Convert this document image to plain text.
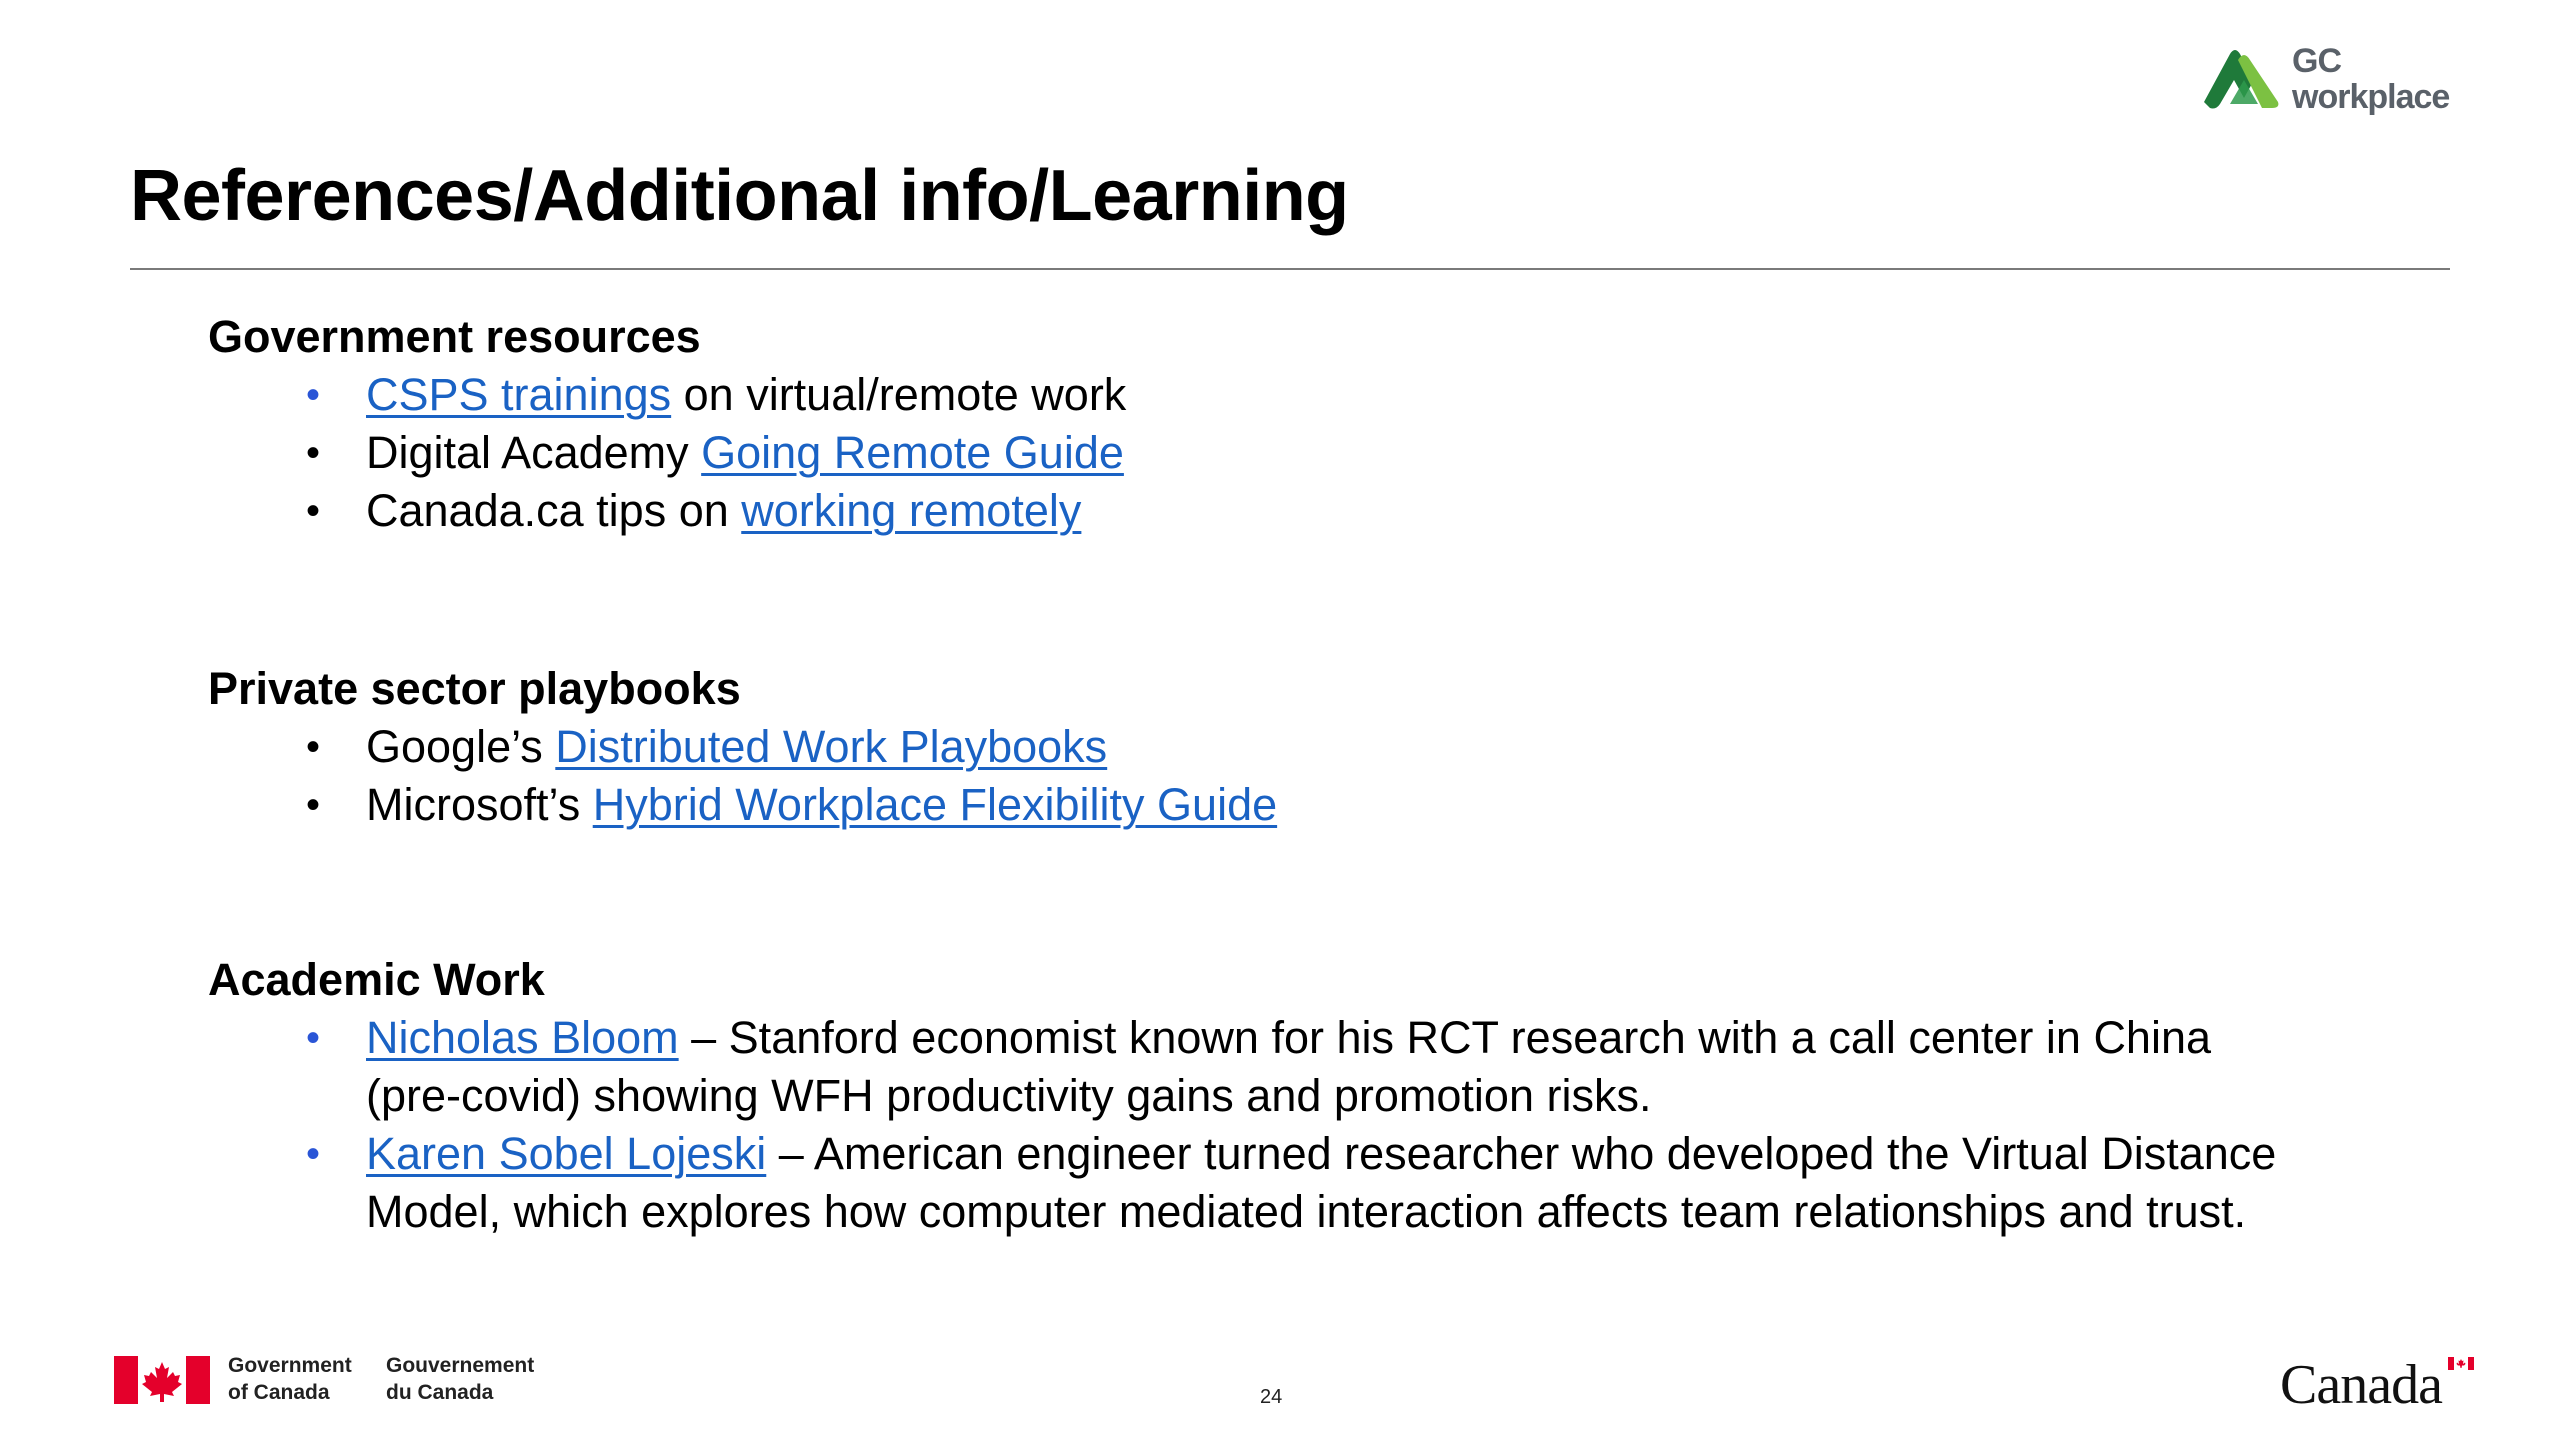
GC
workplace
References/Additional info/Learning
Government resources
• CSPS trainings on virtual/remote work
• Digital Academy Going Remote Guide
• Canada.ca tips on working remotely
Private sector playbooks
• Google’s Distributed Work Playbooks
• Microsoft’s Hybrid Workplace Flexibility Guide
Academic Work
• Nicholas Bloom – Stanford economist known for his RCT research with a call center in China (pre-covid) showing WFH productivity gains and promotion risks.
• Karen Sobel Lojeski – American engineer turned researcher who developed the Virtual Distance Model, which explores how computer mediated interaction affects team relationships and trust.
Government
of Canada
Gouvernement
du Canada	24	Canada
